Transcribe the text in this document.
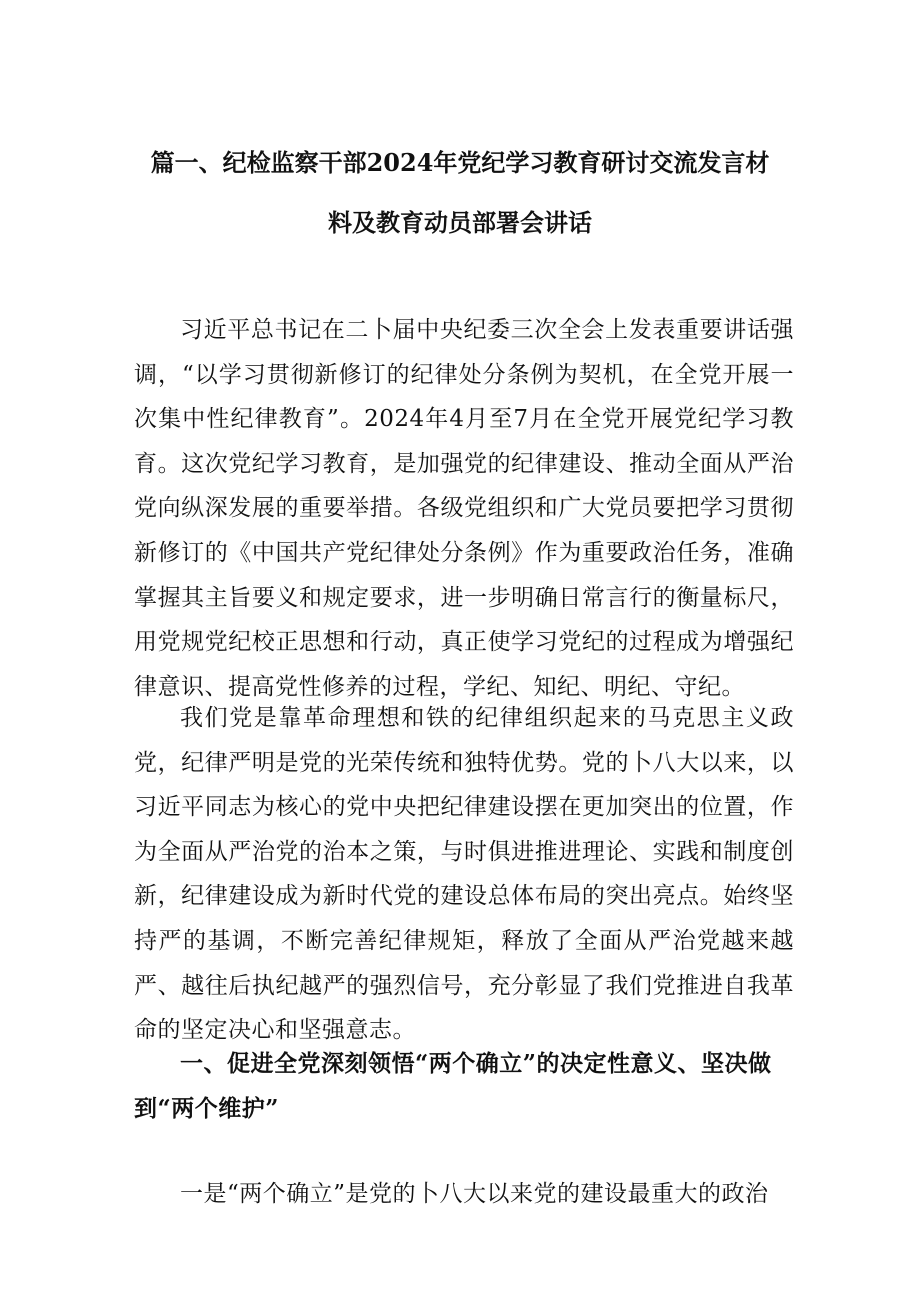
篇一、纪检监察干部2024年党纪学习教育研讨交流发言材
料及教育动员部署会讲话

习近平总书记在二卜届中央纪委三次全会上发表重要讲话强调，“以学习贯彻新修订的纪律处分条例为契机，在全党开展一次集中性纪律教育”。2024年4月至7月在全党开展党纪学习教育。这次党纪学习教育，是加强党的纪律建设、推动全面从严治党向纵深发展的重要举措。各级党组织和广大党员要把学习贯彻新修订的《中国共产党纪律处分条例》作为重要政治任务，准确掌握其主旨要义和规定要求，进一步明确日常言行的衡量标尺，用党规党纪校正思想和行动，真正使学习党纪的过程成为增强纪律意识、提高党性修养的过程，学纪、知纪、明纪、守纪。

我们党是靠革命理想和铁的纪律组织起来的马克思主义政党，纪律严明是党的光荣传统和独特优势。党的卜八大以来，以习近平同志为核心的党中央把纪律建设摆在更加突出的位置，作为全面从严治党的治本之策，与时俱进推进理论、实践和制度创新，纪律建设成为新时代党的建设总体布局的突出亮点。始终坚持严的基调，不断完善纪律规矩，释放了全面从严治党越来越严、越往后执纪越严的强烈信号，充分彰显了我们党推进自我革命的坚定决心和坚强意志。

一、促进全党深刻领悟“两个确立”的决定性意义、坚决做到“两个维护”

一是“两个确立”是党的卜八大以来党的建设最重大的政治
